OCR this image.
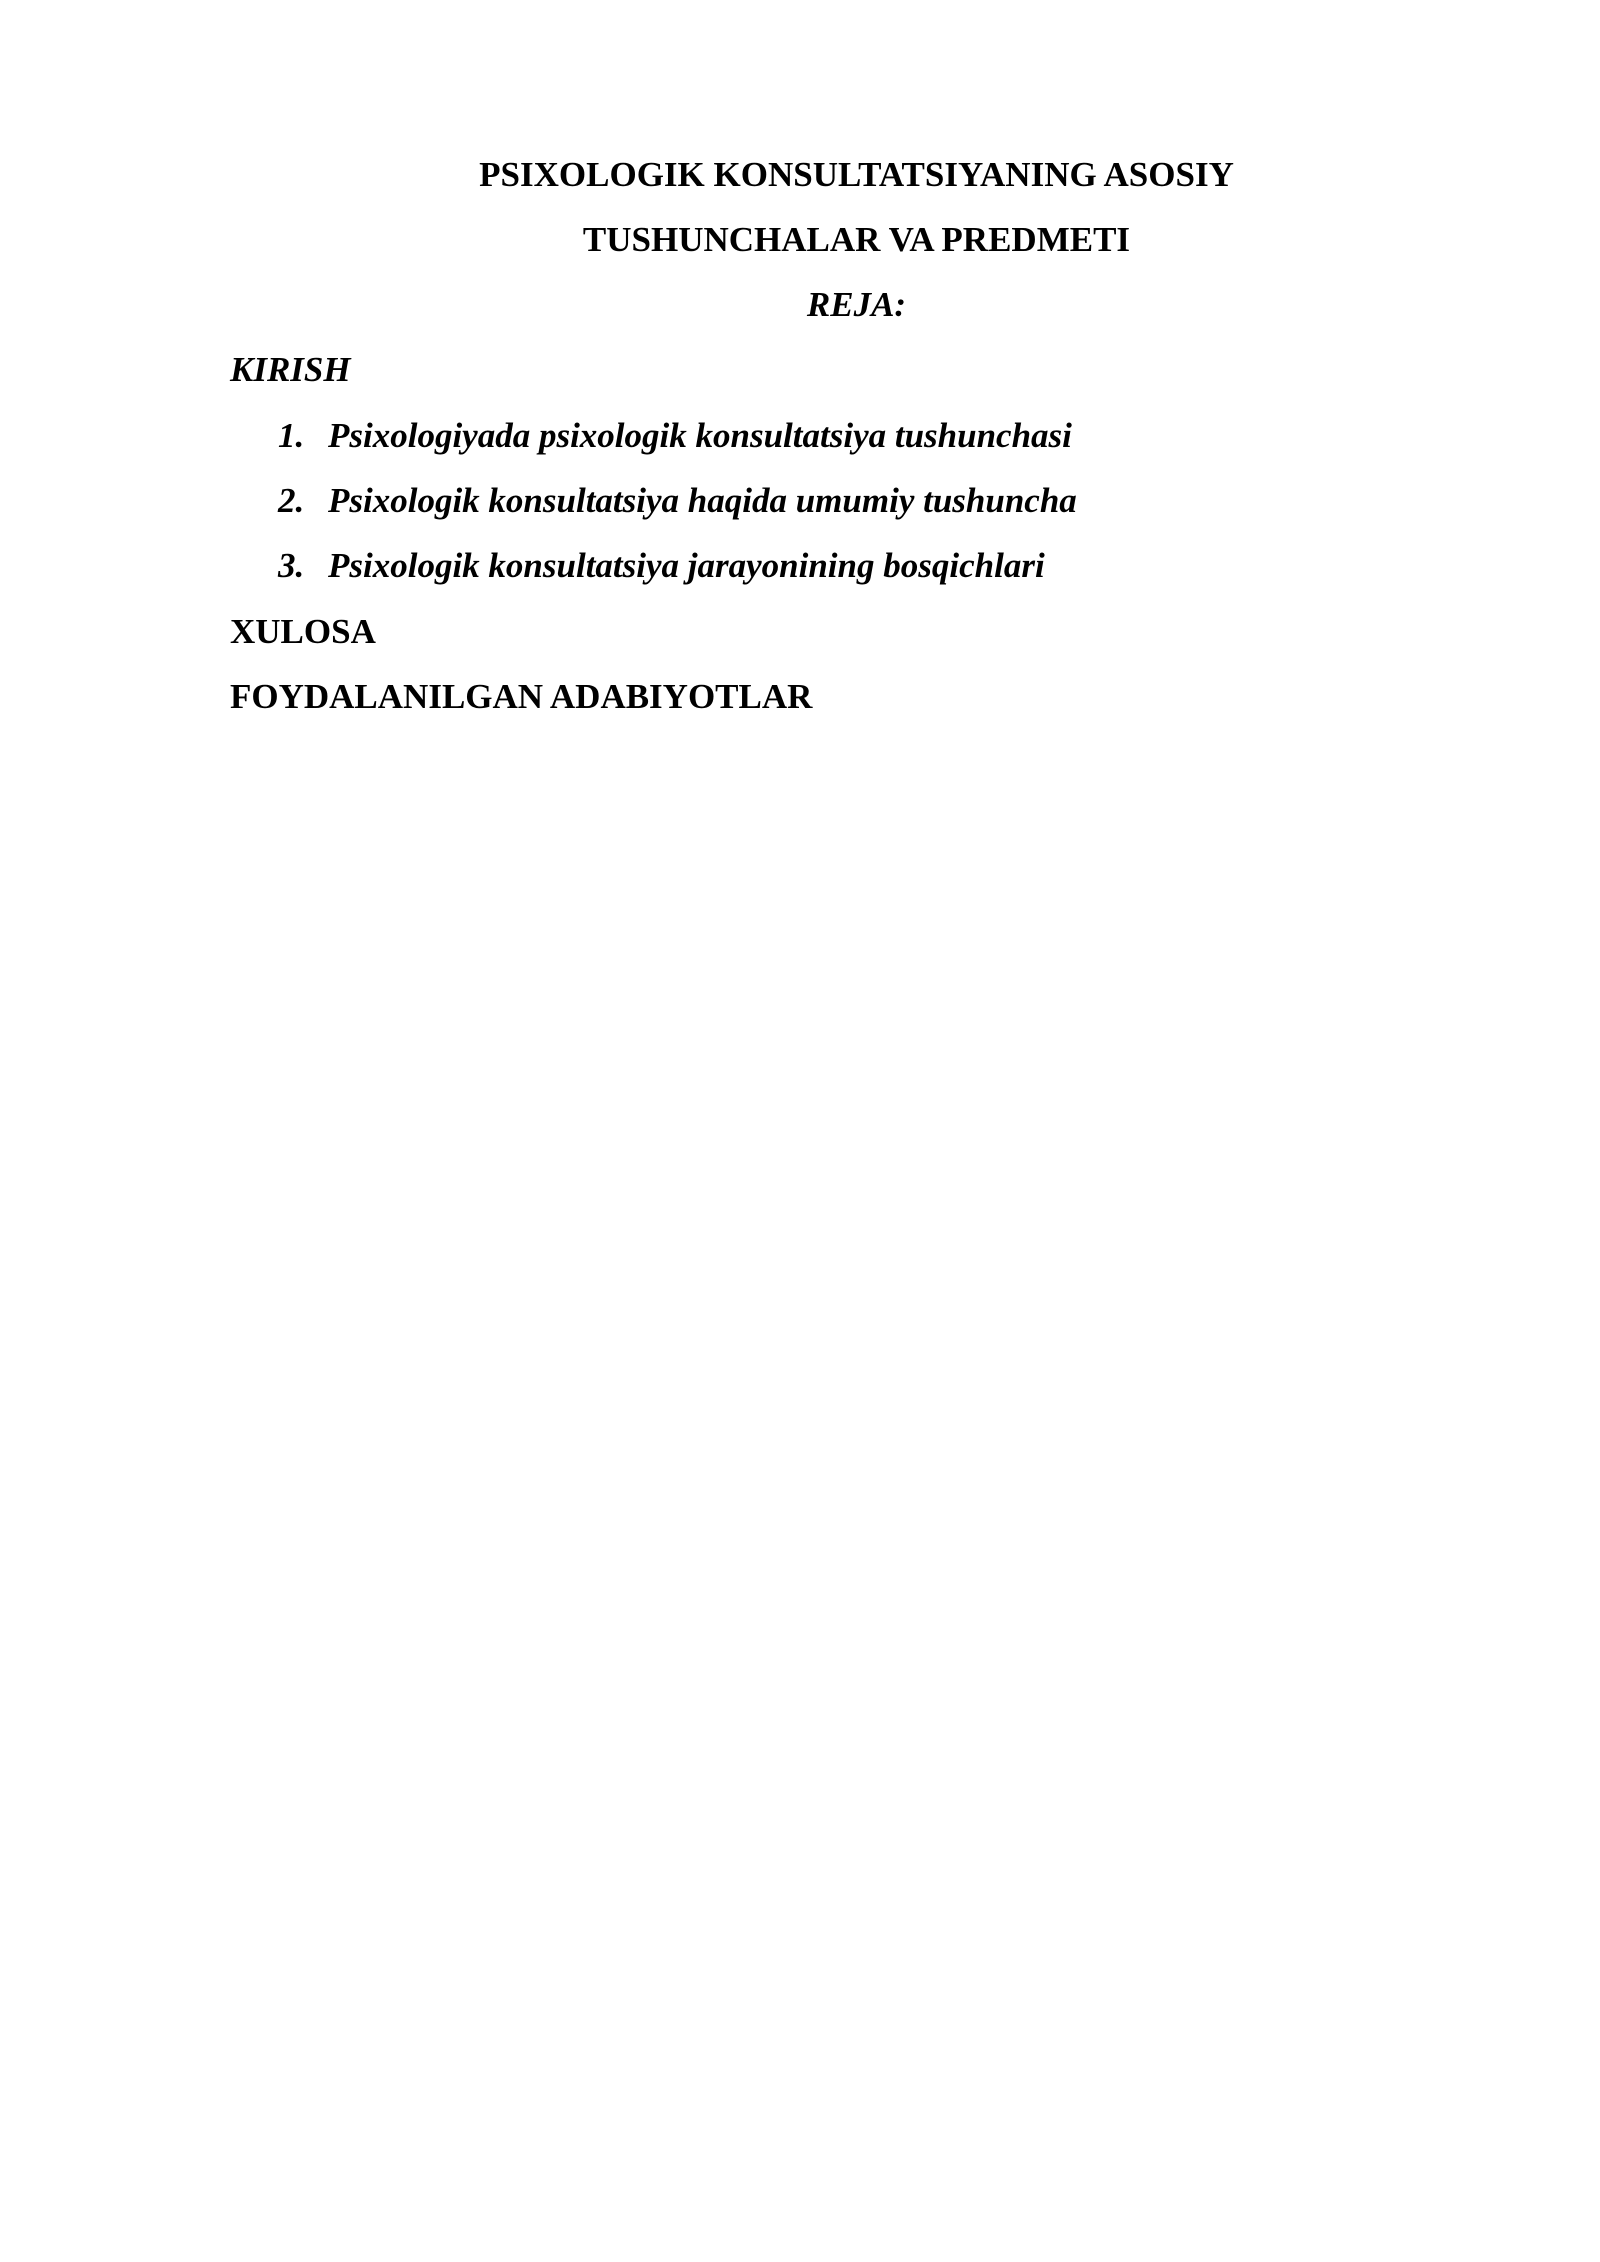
PSIXOLOGIK KONSULTATSIYANING ASOSIY
TUSHUNCHALAR VA PREDMETI
REJA:
KIRISH
1. Psixologiyada psixologik konsultatsiya tushunchasi
2. Psixologik konsultatsiya haqida umumiy tushuncha
3. Psixologik konsultatsiya jarayonining bosqichlari
XULOSA
FOYDALANILGAN ADABIYOTLAR
